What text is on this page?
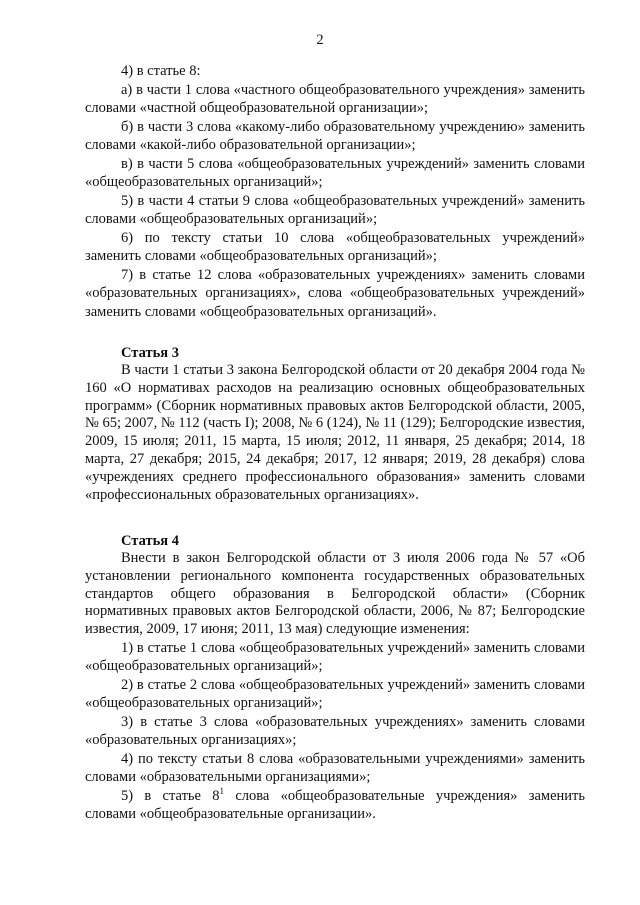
2

4) в статье 8:

а) в части 1 слова «частного общеобразовательного учреждения» заменить словами «частной общеобразовательной организации»;

б) в части 3 слова «какому-либо образовательному учреждению» заменить словами «какой-либо образовательной организации»;

в) в части 5 слова «общеобразовательных учреждений» заменить словами «общеобразовательных организаций»;

5) в части 4 статьи 9 слова «общеобразовательных учреждений» заменить словами «общеобразовательных организаций»;

6) по тексту статьи 10 слова «общеобразовательных учреждений» заменить словами «общеобразовательных организаций»;

7) в статье 12 слова «образовательных учреждениях» заменить словами «образовательных организациях», слова «общеобразовательных учреждений» заменить словами «общеобразовательных организаций».

Статья 3

В части 1 статьи 3 закона Белгородской области от 20 декабря 2004 года № 160 «О нормативах расходов на реализацию основных общеобразовательных программ» (Сборник нормативных правовых актов Белгородской области, 2005, № 65; 2007, № 112 (часть I); 2008, № 6 (124), № 11 (129); Белгородские известия, 2009, 15 июля; 2011, 15 марта, 15 июля; 2012, 11 января, 25 декабря; 2014, 18 марта, 27 декабря; 2015, 24 декабря; 2017, 12 января; 2019, 28 декабря) слова «учреждениях среднего профессионального образования» заменить словами «профессиональных образовательных организациях».

Статья 4

Внести в закон Белгородской области от 3 июля 2006 года № 57 «Об установлении регионального компонента государственных образовательных стандартов общего образования в Белгородской области» (Сборник нормативных правовых актов Белгородской области, 2006, № 87; Белгородские известия, 2009, 17 июня; 2011, 13 мая) следующие изменения:

1) в статье 1 слова «общеобразовательных учреждений» заменить словами «общеобразовательных организаций»;

2) в статье 2 слова «общеобразовательных учреждений» заменить словами «общеобразовательных организаций»;

3) в статье 3 слова «образовательных учреждениях» заменить словами «образовательных организациях»;

4) по тексту статьи 8 слова «образовательными учреждениями» заменить словами «образовательными организациями»;

5) в статье $8^1$ слова «общеобразовательные учреждения» заменить словами «общеобразовательные организации».
